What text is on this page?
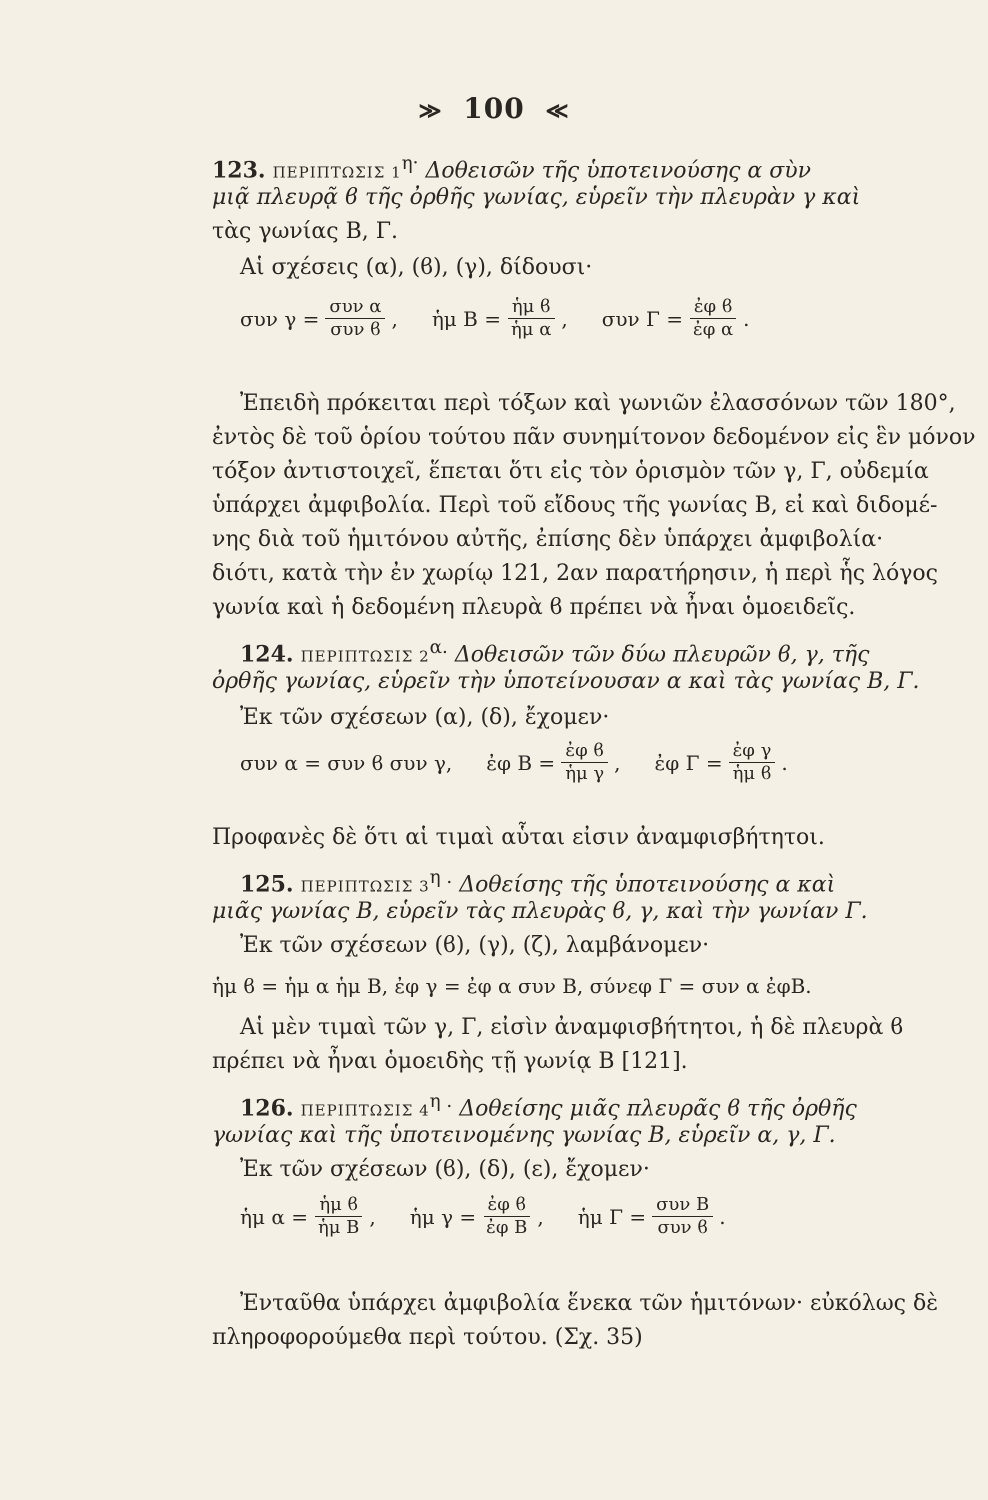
≫ 100 ≪
123. ΠΕΡΙΠΤΩΣΙΣ $1^{\eta\cdot}$ Δοθεισῶν τῆς ὑποτεινούσης α σὺν
μιᾷ πλευρᾷ ϐ τῆς ὀρθῆς γωνίας, εὑρεῖν τὴν πλευρὰν γ καὶ
τὰς γωνίας Β, Γ.
Αἱ σχέσεις (α), (ϐ), (γ), δίδουσι·
συν $\gamma = \frac{\text{συν α}}{\text{συν ϐ}}$ , ἡμ $B = \frac{\text{ἡμ ϐ}}{\text{ἡμ α}}$ , συν $\Gamma = \frac{\text{ἐφ ϐ}}{\text{ἐφ α}}$ .
Ἐπειδὴ πρόκειται περὶ τόξων καὶ γωνιῶν ἐλασσόνων τῶν 180°,
ἐντὸς δὲ τοῦ ὁρίου τούτου πᾶν συνημίτονον δεδομένον εἰς ἓν μόνον
τόξον ἀντιστοιχεῖ, ἕπεται ὅτι εἰς τὸν ὁρισμὸν τῶν γ, Γ, οὐδεμία
ὑπάρχει ἀμφιβολία. Περὶ τοῦ εἴδους τῆς γωνίας Β, εἰ καὶ διδομέ-
νης διὰ τοῦ ἡμιτόνου αὐτῆς, ἐπίσης δὲν ὑπάρχει ἀμφιβολία·
διότι, κατὰ τὴν ἐν χωρίῳ 121, 2αν παρατήρησιν, ἡ περὶ ἧς λόγος
γωνία καὶ ἡ δεδομένη πλευρὰ ϐ πρέπει νὰ ἦναι ὁμοειδεῖς.
124. ΠΕΡΙΠΤΩΣΙΣ $2^{\alpha.}$ Δοθεισῶν τῶν δύω πλευρῶν ϐ, γ, τῆς
ὀρθῆς γωνίας, εὑρεῖν τὴν ὑποτείνουσαν α καὶ τὰς γωνίας Β, Γ.
Ἐκ τῶν σχέσεων (α), (δ), ἔχομεν·
συν α = συν ϐ συν γ, ἐφ $B = \frac{\text{ἐφ ϐ}}{\text{ἡμ γ}}$ , ἐφ $\Gamma = \frac{\text{ἐφ γ}}{\text{ἡμ ϐ}}$ .
Προφανὲς δὲ ὅτι αἱ τιμαὶ αὗται εἰσιν ἀναμφισβήτητοι.
125. ΠΕΡΙΠΤΩΣΙΣ $3^{\eta .}$ Δοθείσης τῆς ὑποτεινούσης α καὶ
μιᾶς γωνίας Β, εὑρεῖν τὰς πλευρὰς ϐ, γ, καὶ τὴν γωνίαν Γ.
Ἐκ τῶν σχέσεων (ϐ), (γ), (ζ), λαμβάνομεν·
ἡμ ϐ = ἡμ α ἡμ Β, ἐφ γ = ἐφ α συν Β, σύνεφ Γ = συν α ἐφΒ.
Αἱ μὲν τιμαὶ τῶν γ, Γ, εἰσὶν ἀναμφισβήτητοι, ἡ δὲ πλευρὰ ϐ
πρέπει νὰ ἦναι ὁμοειδὴς τῇ γωνίᾳ Β [121].
126. ΠΕΡΙΠΤΩΣΙΣ $4^{\eta .}$ Δοθείσης μιᾶς πλευρᾶς ϐ τῆς ὀρθῆς
γωνίας καὶ τῆς ὑποτεινομένης γωνίας Β, εὑρεῖν α, γ, Γ.
Ἐκ τῶν σχέσεων (ϐ), (δ), (ε), ἔχομεν·
ἡμ $\alpha = \frac{\text{ἡμ ϐ}}{\text{ἡμ Β}}$ , ἡμ $\gamma = \frac{\text{ἐφ ϐ}}{\text{ἐφ Β}}$ , ἡμ $\Gamma = \frac{\text{συν Β}}{\text{συν ϐ}}$ .
Ἐνταῦθα ὑπάρχει ἀμφιβολία ἕνεκα τῶν ἡμιτόνων· εὐκόλως δὲ
πληροφορούμεθα περὶ τούτου. (Σχ. 35)
